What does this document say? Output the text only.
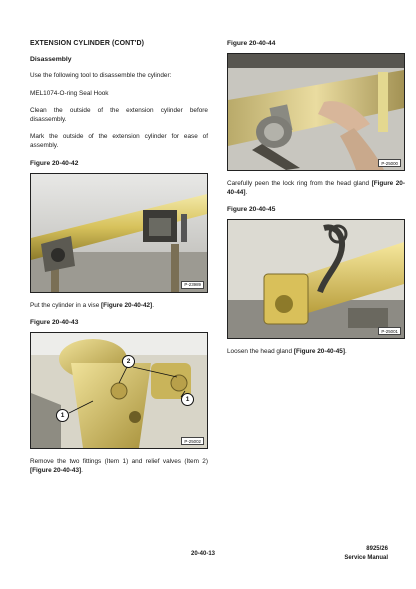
EXTENSION CYLINDER (CONT'D)
Disassembly

Use the following tool to disassemble the cylinder:

MEL1074-O-ring Seal Hook

Clean the outside of the extension cylinder before disassembly.

Mark the outside of the extension cylinder for ease of assembly.

Figure 20-40-42
P-23989

Put the cylinder in a vise [Figure 20-40-42].

Figure 20-40-43
2
1
1
P-25002

Remove the two fittings (Item 1) and relief valves (Item 2) [Figure 20-40-43].

Figure 20-40-44
P-25000

Carefully peen the lock ring from the head gland [Figure 20-40-44].

Figure 20-40-45
P-25001

Loosen the head gland [Figure 20-40-45].

20-40-13
8925/26
Service Manual
